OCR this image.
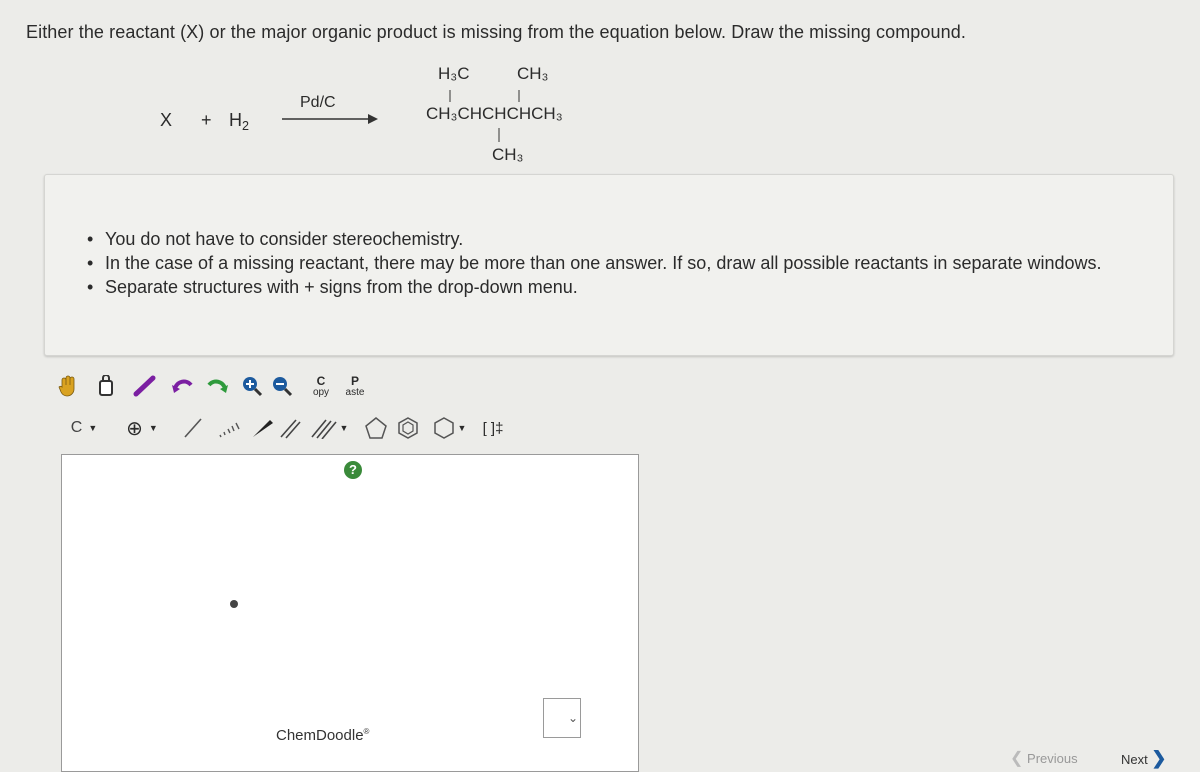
Either the reactant (X) or the major organic product is missing from the equation below. Draw the missing compound.
$X + H_2$
Pd/C
H₃C	CH₃
CH₃CHCHCHCH₃
CH₃
• You do not have to consider stereochemistry.
• In the case of a missing reactant, there may be more than one answer. If so, draw all possible reactants in separate windows.
• Separate structures with + signs from the drop-down menu.
C
opy
P
aste
C ▼ ⊕ ▼	▼	▼ [ ]‡
?
ChemDoodle®
⌄
❮ Previous	Next ❯
